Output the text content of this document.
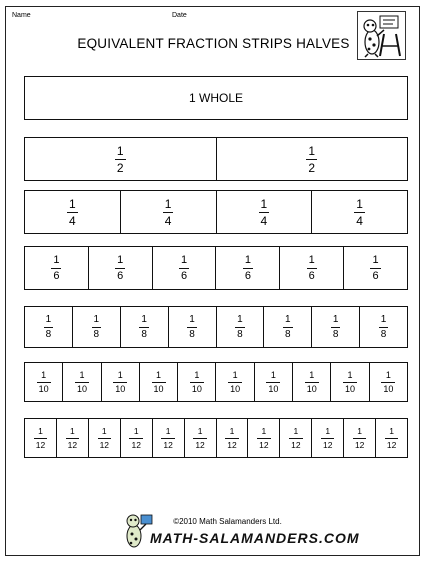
Name	Date
EQUIVALENT FRACTION STRIPS HALVES
1 WHOLE
$\frac{1}{2}$	$\frac{1}{2}$
$\frac{1}{4}$	$\frac{1}{4}$	$\frac{1}{4}$	$\frac{1}{4}$
$\frac{1}{6}$	$\frac{1}{6}$	$\frac{1}{6}$	$\frac{1}{6}$	$\frac{1}{6}$	$\frac{1}{6}$
$\frac{1}{8}$	$\frac{1}{8}$	$\frac{1}{8}$	$\frac{1}{8}$	$\frac{1}{8}$	$\frac{1}{8}$	$\frac{1}{8}$	$\frac{1}{8}$
$\frac{1}{10}$	$\frac{1}{10}$	$\frac{1}{10}$	$\frac{1}{10}$	$\frac{1}{10}$	$\frac{1}{10}$	$\frac{1}{10}$	$\frac{1}{10}$	$\frac{1}{10}$	$\frac{1}{10}$
$\frac{1}{12} \frac{1}{12} \frac{1}{12} \frac{1}{12} \frac{1}{12} \frac{1}{12} \frac{1}{12} \frac{1}{12} \frac{1}{12} \frac{1}{12} \frac{1}{12} \frac{1}{12}$
©2010 Math Salamanders Ltd.
MATH-SALAMANDERS.COM
